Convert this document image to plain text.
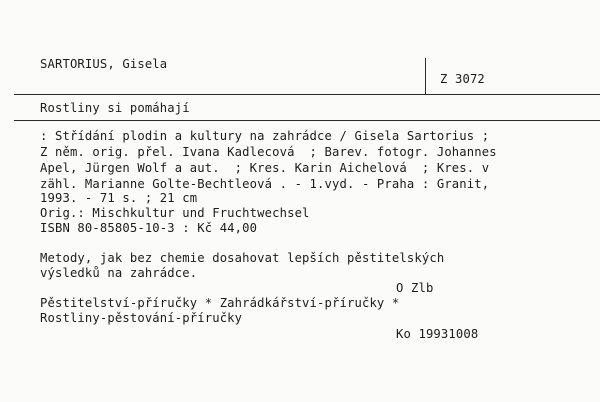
SARTORIUS, Gisela
Z 3072
Rostliny si pomáhají
: Střídání plodin a kultury na zahrádce / Gisela Sartorius ;
Z něm. orig. přel. Ivana Kadlecová  ; Barev. fotogr. Johannes
Apel, Jürgen Wolf a aut.  ; Kres. Karin Aichelová  ; Kres. v
zähl. Marianne Golte-Bechtleová . - 1.vyd. - Praha : Granit,
1993. - 71 s. ; 21 cm
Orig.: Mischkultur und Fruchtwechsel
ISBN 80-85805-10-3 : Kč 44,00
Metody, jak bez chemie dosahovat lepších pěstitelských
výsledků na zahrádce.
O Zlb
Pěstitelství-příručky * Zahrádkářství-příručky *
Rostliny-pěstování-příručky
Ko 19931008
